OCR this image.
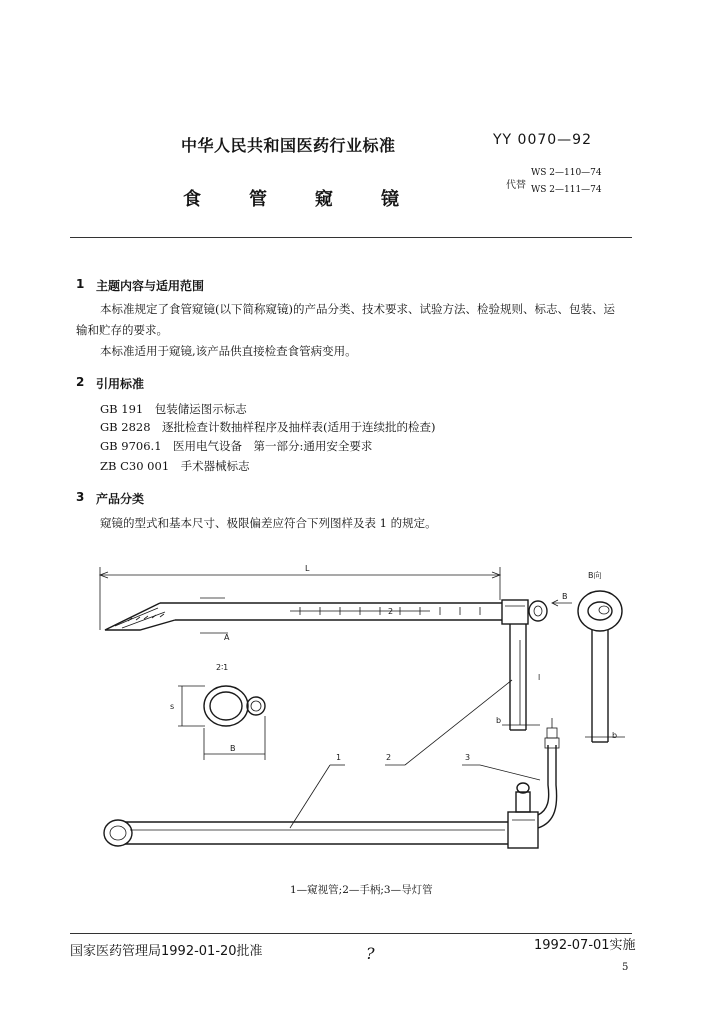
中华人民共和国医药行业标准	YY 0070—92
食管窥镜
代替
WS 2—110—74
WS 2—111—74
1 主题内容与适用范围
本标准规定了食管窥镜(以下简称窥镜)的产品分类、技术要求、试验方法、检验规则、标志、包装、运
输和贮存的要求。
本标准适用于窥镜,该产品供直接检查食管病变用。
2 引用标准
GB 191　包装储运图示标志
GB 2828　逐批检查计数抽样程序及抽样表(适用于连续批的检查)
GB 9706.1　医用电气设备　第一部分:通用安全要求
ZB C30 001　手术器械标志
3 产品分类
窥镜的型式和基本尺寸、极限偏差应符合下列图样及表 1 的规定。
L
A
2
B
l
b
B向
b
2∶1
s
B
1	2	3
1—窥视管;2—手柄;3—导灯管
国家医药管理局1992-01-20批准	1992-07-01实施
?
5
